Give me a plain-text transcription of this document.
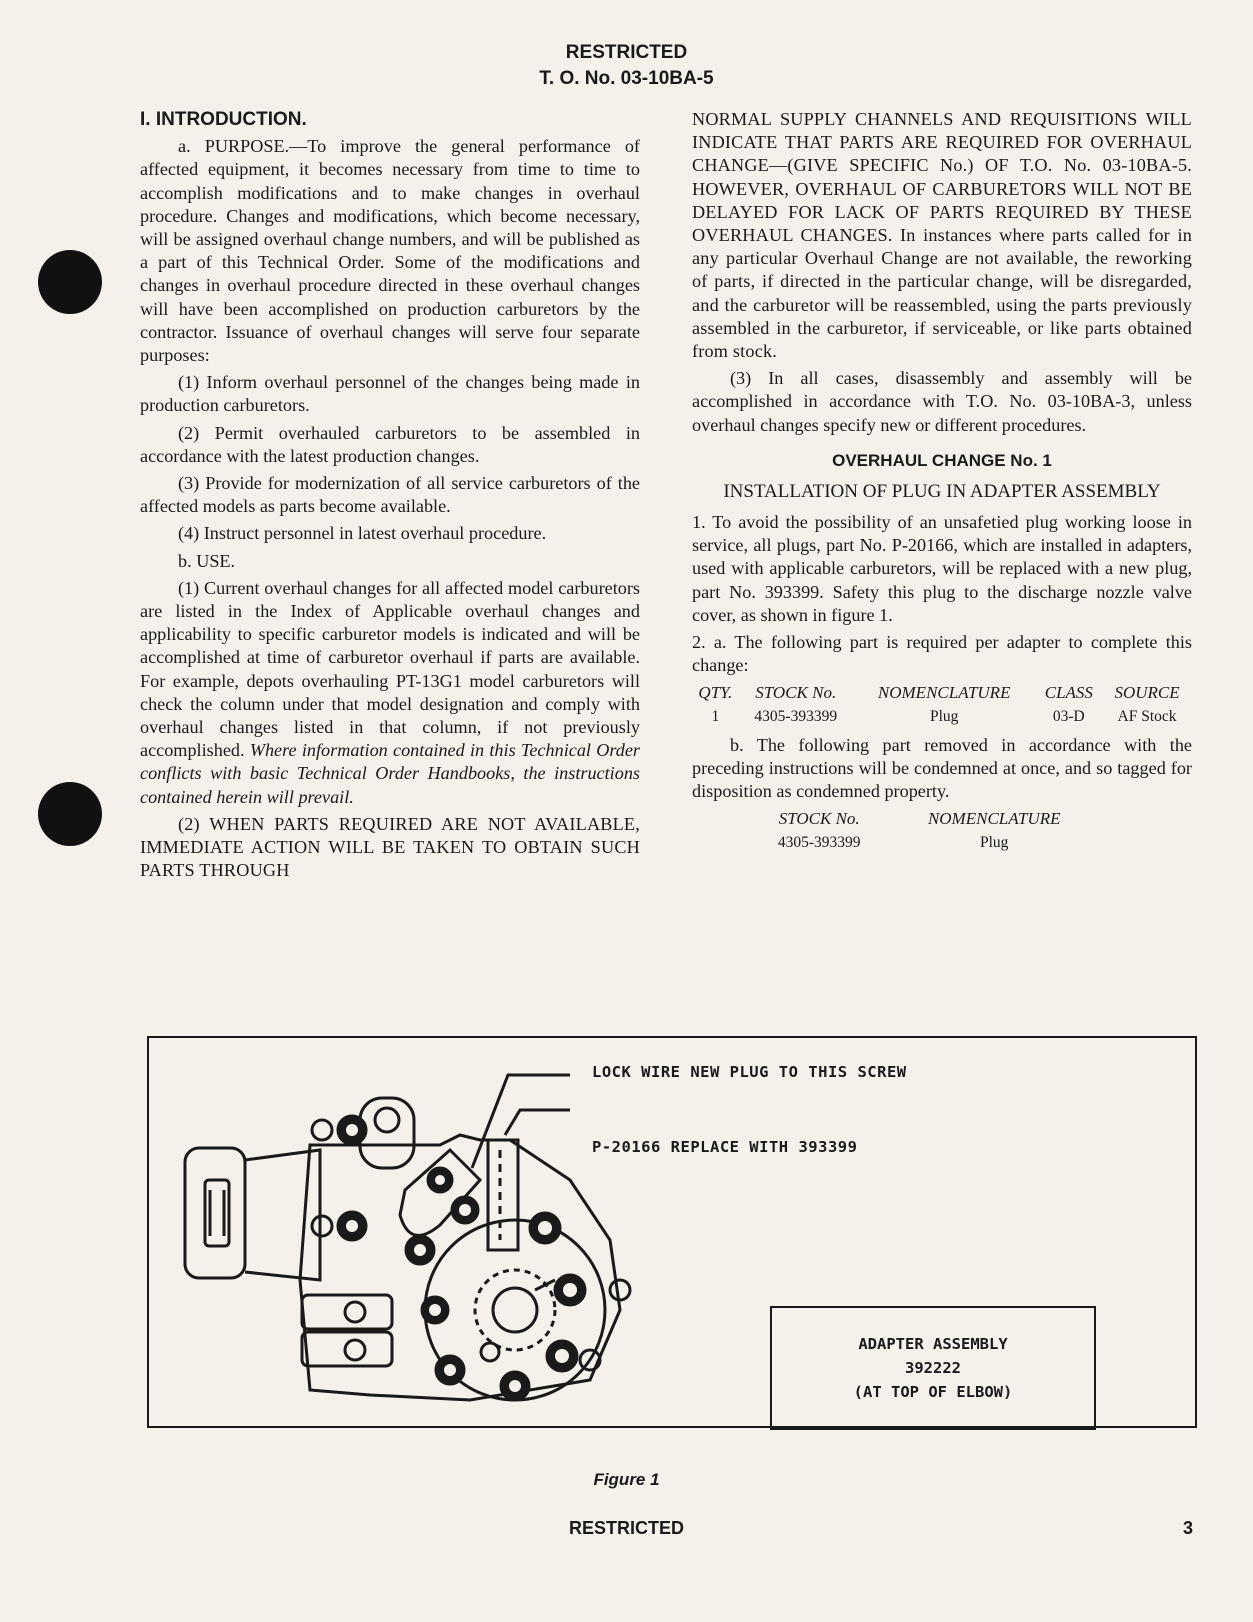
RESTRICTED
T. O. No. 03-10BA-5

I. INTRODUCTION.

a. PURPOSE.—To improve the general performance of affected equipment, it becomes necessary from time to time to accomplish modifications and to make changes in overhaul procedure. Changes and modifications, which become necessary, will be assigned overhaul change numbers, and will be published as a part of this Technical Order. Some of the modifications and changes in overhaul procedure directed in these overhaul changes will have been accomplished on production carburetors by the contractor. Issuance of overhaul changes will serve four separate purposes:

(1) Inform overhaul personnel of the changes being made in production carburetors.

(2) Permit overhauled carburetors to be assembled in accordance with the latest production changes.

(3) Provide for modernization of all service carburetors of the affected models as parts become available.

(4) Instruct personnel in latest overhaul procedure.

b. USE.

(1) Current overhaul changes for all affected model carburetors are listed in the Index of Applicable overhaul changes and applicability to specific carburetor models is indicated and will be accomplished at time of carburetor overhaul if parts are available. For example, depots overhauling PT-13G1 model carburetors will check the column under that model designation and comply with overhaul changes listed in that column, if not previously accomplished. Where information contained in this Technical Order conflicts with basic Technical Order Handbooks, the instructions contained herein will prevail.

(2) WHEN PARTS REQUIRED ARE NOT AVAILABLE, IMMEDIATE ACTION WILL BE TAKEN TO OBTAIN SUCH PARTS THROUGH

NORMAL SUPPLY CHANNELS AND REQUISITIONS WILL INDICATE THAT PARTS ARE REQUIRED FOR OVERHAUL CHANGE—(GIVE SPECIFIC No.) OF T.O. No. 03-10BA-5. HOWEVER, OVERHAUL OF CARBURETORS WILL NOT BE DELAYED FOR LACK OF PARTS REQUIRED BY THESE OVERHAUL CHANGES. In instances where parts called for in any particular Overhaul Change are not available, the reworking of parts, if directed in the particular change, will be disregarded, and the carburetor will be reassembled, using the parts previously assembled in the carburetor, if serviceable, or like parts obtained from stock.

(3) In all cases, disassembly and assembly will be accomplished in accordance with T.O. No. 03-10BA-3, unless overhaul changes specify new or different procedures.

OVERHAUL CHANGE No. 1
INSTALLATION OF PLUG IN ADAPTER ASSEMBLY

1. To avoid the possibility of an unsafetied plug working loose in service, all plugs, part No. P-20166, which are installed in adapters, used with applicable carburetors, will be replaced with a new plug, part No. 393399. Safety this plug to the discharge nozzle valve cover, as shown in figure 1.

2. a. The following part is required per adapter to complete this change:

QTY.	STOCK No.	NOMENCLATURE	CLASS	SOURCE
1	4305-393399	Plug	03-D	AF Stock

b. The following part removed in accordance with the preceding instructions will be condemned at once, and so tagged for disposition as condemned property.

STOCK No.	NOMENCLATURE
4305-393399	Plug
LOCK WIRE NEW PLUG TO THIS SCREW
P-20166 REPLACE WITH 393399
ADAPTER ASSEMBLY
392222
(AT TOP OF ELBOW)
Figure 1
RESTRICTED	3
